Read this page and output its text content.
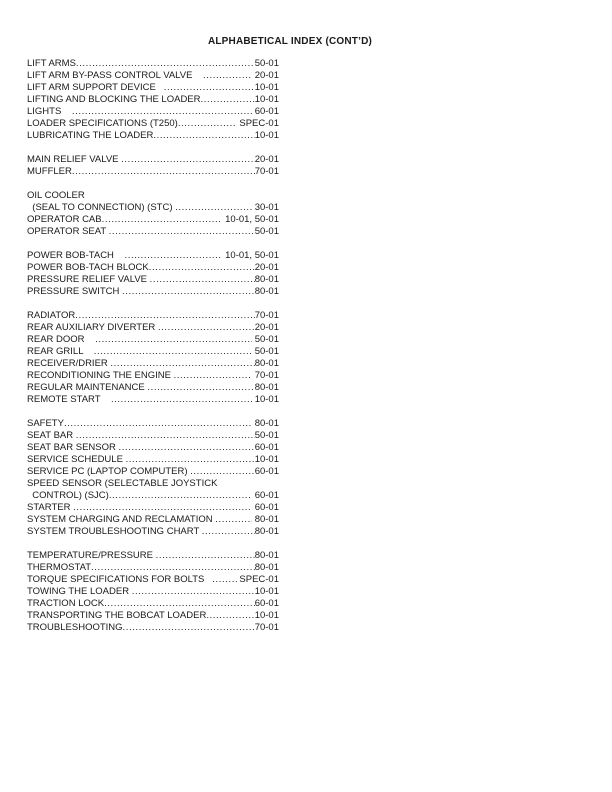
ALPHABETICAL INDEX (CONT’D)
LIFT ARMS .....	50-01
LIFT ARM BY-PASS CONTROL VALVE .....	20-01
LIFT ARM SUPPORT DEVICE .....	10-01
LIFTING AND BLOCKING THE LOADER .....	10-01
LIGHTS .....	60-01
LOADER SPECIFICATIONS (T250) .....	SPEC-01
LUBRICATING THE LOADER .....	10-01
MAIN RELIEF VALVE .....	20-01
MUFFLER .....	70-01
OIL COOLER
(SEAL TO CONNECTION) (STC) .....	30-01
OPERATOR CAB .....	10-01, 50-01
OPERATOR SEAT .....	50-01
POWER BOB-TACH .....	10-01, 50-01
POWER BOB-TACH BLOCK .....	20-01
PRESSURE RELIEF VALVE .....	80-01
PRESSURE SWITCH .....	80-01
RADIATOR .....	70-01
REAR AUXILIARY DIVERTER .....	20-01
REAR DOOR .....	50-01
REAR GRILL .....	50-01
RECEIVER/DRIER .....	80-01
RECONDITIONING THE ENGINE .....	70-01
REGULAR MAINTENANCE .....	80-01
REMOTE START .....	10-01
SAFETY .....	80-01
SEAT BAR .....	50-01
SEAT BAR SENSOR .....	60-01
SERVICE SCHEDULE .....	10-01
SERVICE PC (LAPTOP COMPUTER) .....	60-01
SPEED SENSOR (SELECTABLE JOYSTICK
CONTROL) (SJC) .....	60-01
STARTER .....	60-01
SYSTEM CHARGING AND RECLAMATION .....	80-01
SYSTEM TROUBLESHOOTING CHART .....	80-01
TEMPERATURE/PRESSURE .....	80-01
THERMOSTAT .....	80-01
TORQUE SPECIFICATIONS FOR BOLTS .....	SPEC-01
TOWING THE LOADER .....	10-01
TRACTION LOCK .....	60-01
TRANSPORTING THE BOBCAT LOADER .....	10-01
TROUBLESHOOTING .....	70-01
